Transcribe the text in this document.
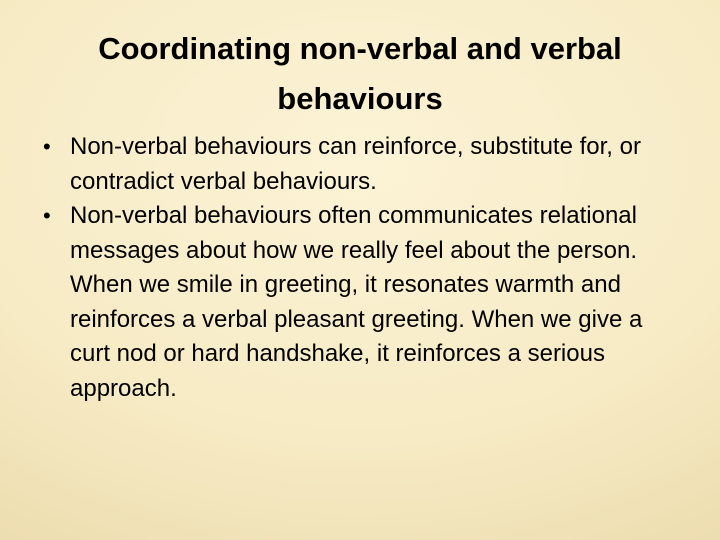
Coordinating non-verbal and verbal behaviours
• Non-verbal behaviours can reinforce, substitute for, or contradict verbal behaviours.
• Non-verbal behaviours often communicates relational messages about how we really feel about the person. When we smile in greeting, it resonates warmth and reinforces a verbal pleasant greeting. When we give a curt nod or hard handshake, it reinforces a serious approach.
